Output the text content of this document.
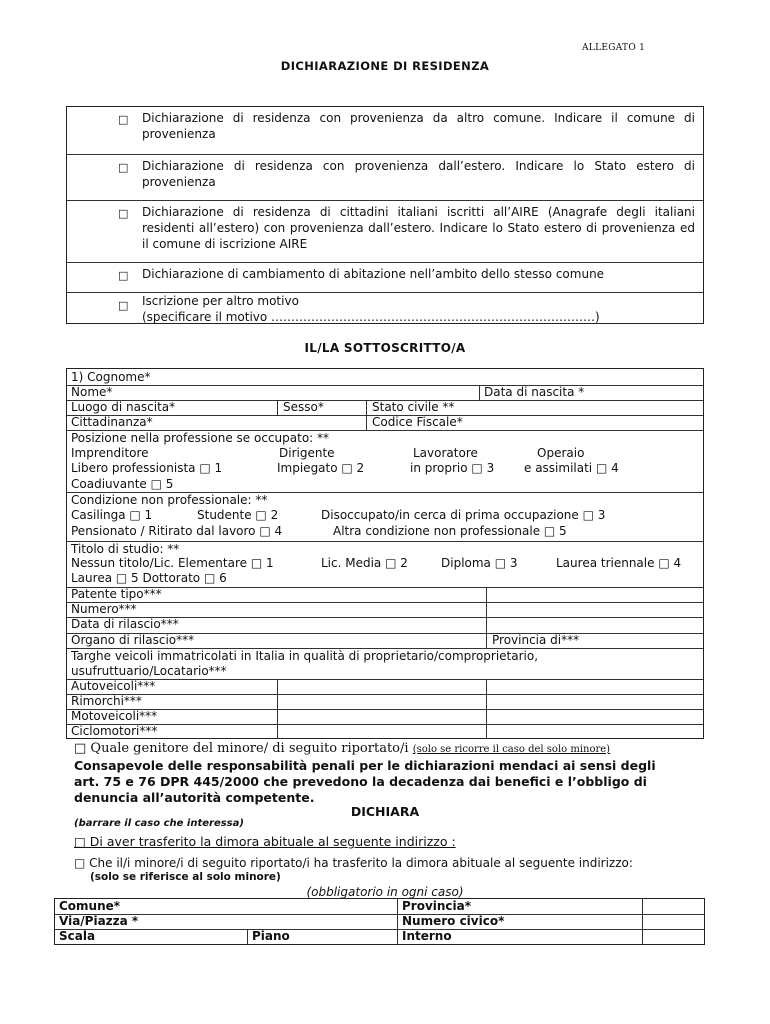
ALLEGATO 1
DICHIARAZIONE DI RESIDENZA
□ Dichiarazione di residenza con provenienza da altro comune. Indicare il comune di provenienza
□ Dichiarazione di residenza con provenienza dall’estero. Indicare lo Stato estero di provenienza
□ Dichiarazione di residenza di cittadini italiani iscritti all’AIRE (Anagrafe degli italiani residenti all’estero) con provenienza dall’estero. Indicare lo Stato estero di provenienza ed il comune di iscrizione AIRE
□ Dichiarazione di cambiamento di abitazione nell’ambito dello stesso comune
□ Iscrizione per altro motivo
(specificare il motivo ………………………………………………………………………)
IL/LA SOTTOSCRITTO/A
1) Cognome*
Nome*	Data di nascita *
Luogo di nascita*	Sesso*	Stato civile **
Cittadinanza*	Codice Fiscale*
Posizione nella professione se occupato: **
Imprenditore	Dirigente	Lavoratore	Operaio
Libero professionista □ 1	Impiegato □ 2	in proprio □ 3 e assimilati □ 4
Coadiuvante □ 5
Condizione non professionale: **
Casilinga □ 1	Studente □ 2	Disoccupato/in cerca di prima occupazione □ 3
Pensionato / Ritirato dal lavoro □ 4	Altra condizione non professionale □ 5
Titolo di studio: **
Nessun titolo/Lic. Elementare □ 1	Lic. Media □ 2	Diploma □ 3	Laurea triennale □ 4
Laurea □ 5 Dottorato □ 6
Patente tipo***
Numero***
Data di rilascio***
Organo di rilascio***	Provincia di***
Targhe veicoli immatricolati in Italia in qualità di proprietario/comproprietario,
usufruttuario/Locatario***
Autoveicoli***
Rimorchi***
Motoveicoli***
Ciclomotori***
□ Quale genitore del minore/ di seguito riportato/i (solo se ricorre il caso del solo minore)
Consapevole delle responsabilità penali per le dichiarazioni mendaci ai sensi degli
art. 75 e 76 DPR 445/2000 che prevedono la decadenza dai benefici e l’obbligo di
denuncia all’autorità competente.
DICHIARA
(barrare il caso che interessa)
□ Di aver trasferito la dimora abituale al seguente indirizzo :
□ Che il/i minore/i di seguito riportato/i ha trasferito la dimora abituale al seguente indirizzo:
(solo se riferisce al solo minore)
(obbligatorio in ogni caso)
Comune*	Provincia*
Via/Piazza *	Numero civico*
Scala	Piano	Interno
